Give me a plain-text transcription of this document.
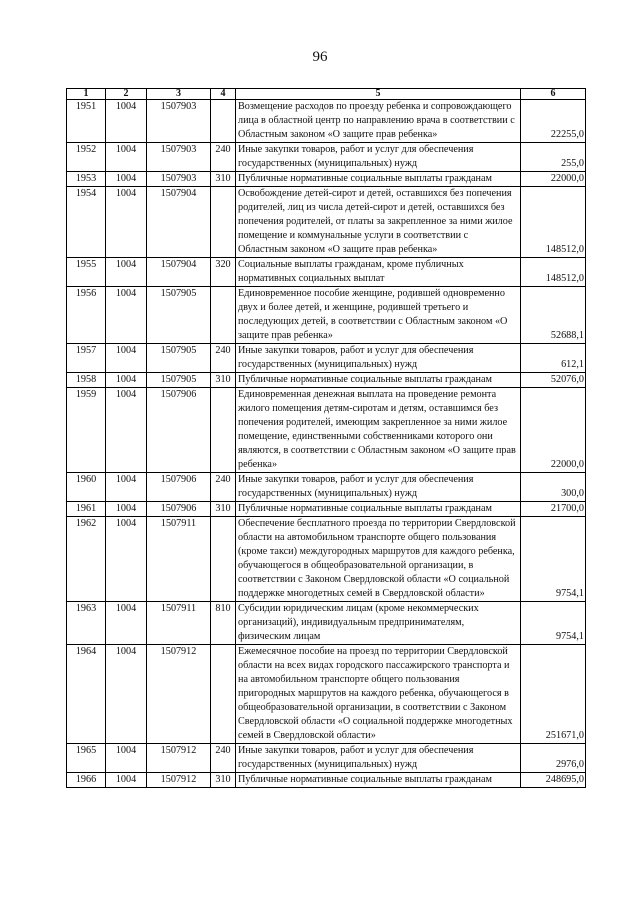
96
1	2	3	4	5	6
1951	1004	1507903		Возмещение расходов по проезду ребенка и сопровождающего лица в областной центр по направлению врача в соответствии с Областным законом «О защите прав ребенка»	22255,0
1952	1004	1507903	240	Иные закупки товаров, работ и услуг для обеспечения государственных (муниципальных) нужд	255,0
1953	1004	1507903	310	Публичные нормативные социальные выплаты гражданам	22000,0
1954	1004	1507904		Освобождение детей-сирот и детей, оставшихся без попечения родителей, лиц из числа детей-сирот и детей, оставшихся без попечения родителей, от платы за закрепленное за ними жилое помещение и коммунальные услуги в соответствии с Областным законом «О защите прав ребенка»	148512,0
1955	1004	1507904	320	Социальные выплаты гражданам, кроме публичных нормативных социальных выплат	148512,0
1956	1004	1507905		Единовременное пособие женщине, родившей одновременно двух и более детей, и женщине, родившей третьего и последующих детей, в соответствии с Областным законом «О защите прав ребенка»	52688,1
1957	1004	1507905	240	Иные закупки товаров, работ и услуг для обеспечения государственных (муниципальных) нужд	612,1
1958	1004	1507905	310	Публичные нормативные социальные выплаты гражданам	52076,0
1959	1004	1507906		Единовременная денежная выплата на проведение ремонта жилого помещения детям-сиротам и детям, оставшимся без попечения родителей, имеющим закрепленное за ними жилое помещение, единственными собственниками которого они являются, в соответствии с Областным законом «О защите прав ребенка»	22000,0
1960	1004	1507906	240	Иные закупки товаров, работ и услуг для обеспечения государственных (муниципальных) нужд	300,0
1961	1004	1507906	310	Публичные нормативные социальные выплаты гражданам	21700,0
1962	1004	1507911		Обеспечение бесплатного проезда по территории Свердловской области на автомобильном транспорте общего пользования (кроме такси) междугородных маршрутов для каждого ребенка, обучающегося в общеобразовательной организации, в соответствии с Законом Свердловской области «О социальной поддержке многодетных семей в Свердловской области»	9754,1
1963	1004	1507911	810	Субсидии юридическим лицам (кроме некоммерческих организаций), индивидуальным предпринимателям, физическим лицам	9754,1
1964	1004	1507912		Ежемесячное пособие на проезд по территории Свердловской области на всех видах городского пассажирского транспорта и на автомобильном транспорте общего пользования пригородных маршрутов на каждого ребенка, обучающегося в общеобразовательной организации, в соответствии с Законом Свердловской области «О социальной поддержке многодетных семей в Свердловской области»	251671,0
1965	1004	1507912	240	Иные закупки товаров, работ и услуг для обеспечения государственных (муниципальных) нужд	2976,0
1966	1004	1507912	310	Публичные нормативные социальные выплаты гражданам	248695,0
